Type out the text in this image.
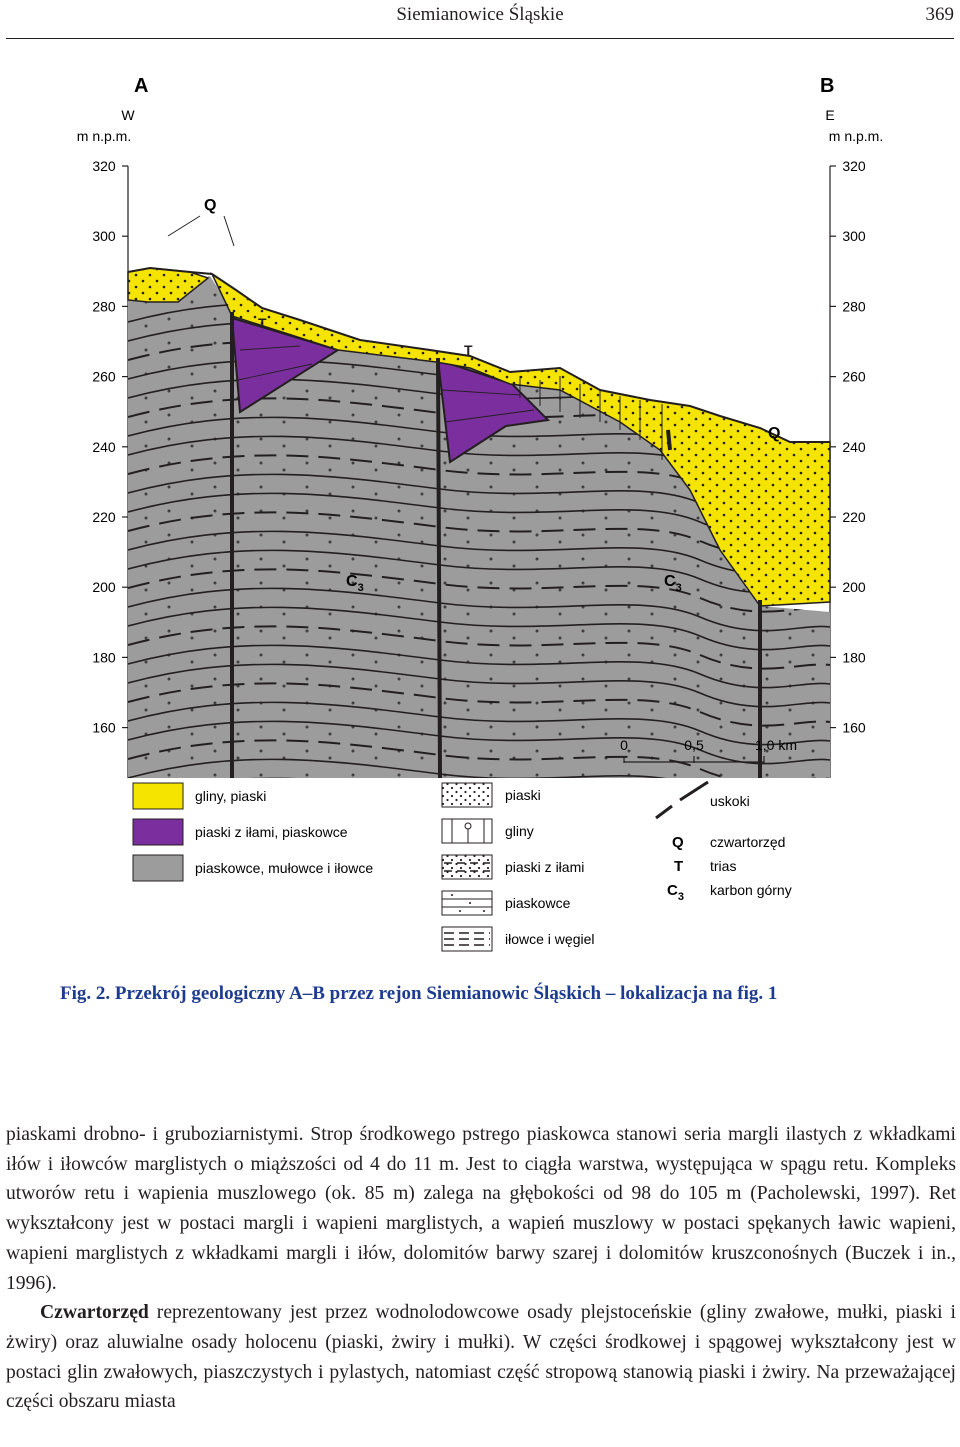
Siemianowice Śląskie	369
A	B
W	E
m n.p.m.	m n.p.m.
320	320
300	300
280	280
260	260
240	240
220	220
200	200
180	180
160	160
Q
T
T
Q
$C_3$	$C_3$
0	0,5	1,0 km
gliny, piaski
piaski z iłami, piaskowce
piaskowce, mułowce i iłowce
piaski
gliny
piaski z iłami
piaskowce
iłowce i węgiel
uskoki
Q czwartorzęd
T trias
$C_3$ karbon górny
Fig. 2. Przekrój geologiczny A–B przez rejon Siemianowic Śląskich – lokalizacja na fig. 1

piaskami drobno- i gruboziarnistymi. Strop środkowego pstrego piaskowca stanowi seria margli ilastych z wkładkami iłów i iłowców marglistych o miąższości od 4 do 11 m. Jest to ciągła warstwa, występująca w spągu retu. Kompleks utworów retu i wapienia muszlowego (ok. 85 m) zalega na głębokości od 98 do 105 m (Pacholewski, 1997). Ret wykształcony jest w postaci margli i wapieni marglistych, a wapień muszlowy w postaci spękanych ławic wapieni, wapieni marglistych z wkładkami margli i iłów, dolomitów barwy szarej i dolomitów kruszconośnych (Buczek i in., 1996).

Czwartorzęd reprezentowany jest przez wodnolodowcowe osady plejstoceńskie (gliny zwałowe, mułki, piaski i żwiry) oraz aluwialne osady holocenu (piaski, żwiry i mułki). W części środkowej i spągowej wykształcony jest w postaci glin zwałowych, piaszczystych i pylastych, natomiast część stropową stanowią piaski i żwiry. Na przeważającej części obszaru miasta
